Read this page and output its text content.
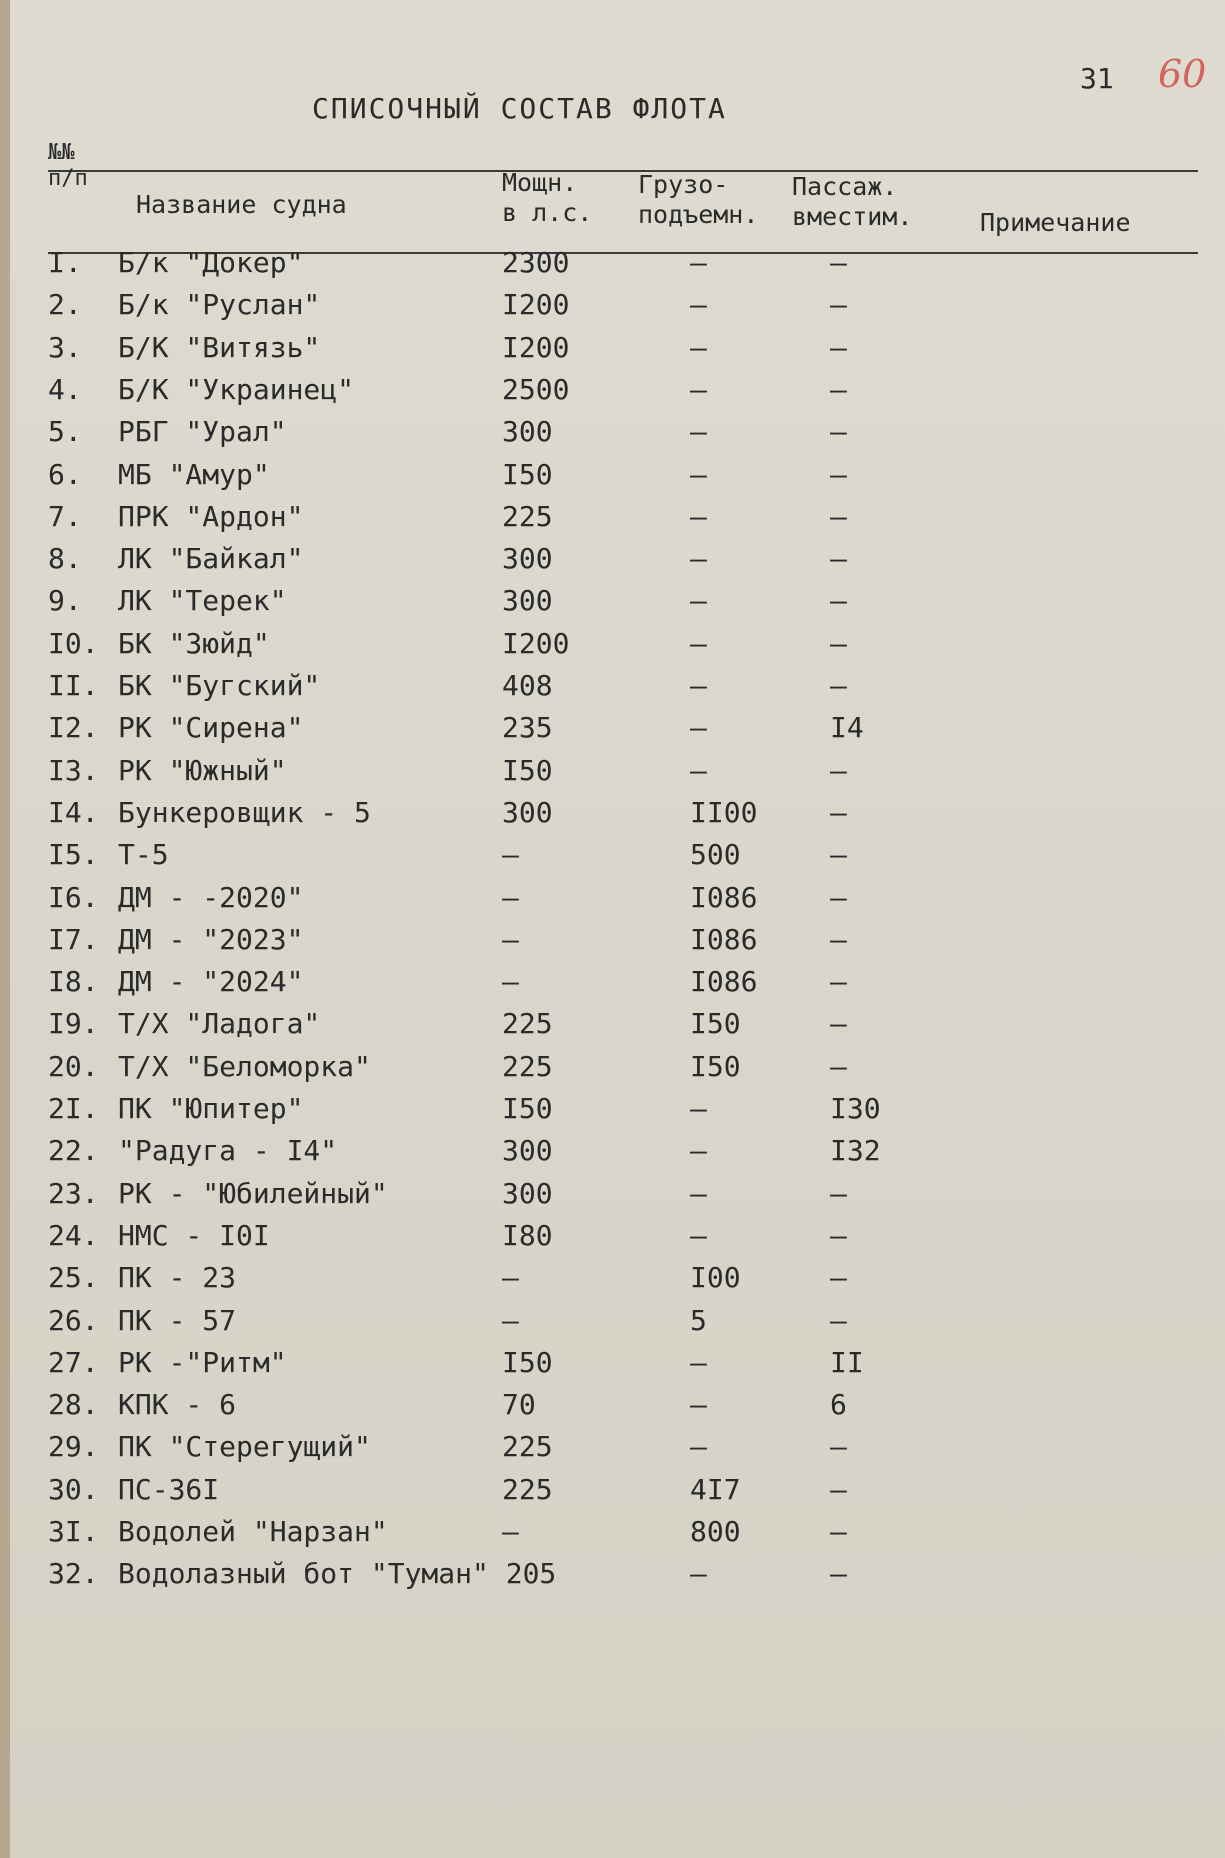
31 60
СПИСОЧНЫЙ СОСТАВ ФЛОТА
№№
п/п
Название судна
Мощн.
в л.с.
Грузо-
подъемн.
Пассаж.
вместим.	Примечание
I. Б/к "Докер"	2300	–	–
2. Б/к "Руслан"	I200	–	–
3. Б/К "Витязь"	I200	–	–
4. Б/К "Украинец"	2500	–	–
5. РБГ "Урал"	300	–	–
6. МБ "Амур"	I50	–	–
7. ПРК "Ардон"	225	–	–
8. ЛК "Байкал"	300	–	–
9. ЛК "Терек"	300	–	–
I0. БК "Зюйд"	I200	–	–
II. БК "Бугский"	408	–	–
I2. РК "Сирена"	235	–	I4
I3. РК "Южный"	I50	–	–
I4. Бункеровщик - 5	300	II00	–
I5. Т-5	–	500	–
I6. ДМ - -2020"	–	I086	–
I7. ДМ - "2023"	–	I086	–
I8. ДМ - "2024"	–	I086	–
I9. Т/Х "Ладога"	225	I50	–
20. Т/Х "Беломорка"	225	I50	–
2I. ПК "Юпитер"	I50	–	I30
22. "Радуга - I4"	300	–	I32
23. РК - "Юбилейный"	300	–	–
24. НМС - I0I	I80	–	–
25. ПК - 23	–	I00	–
26. ПК - 57	–	5	–
27. РК -"Ритм"	I50	–	II
28. КПК - 6	70	–	6
29. ПК "Стерегущий"	225	–	–
30. ПС-36I	225	4I7	–
3I. Водолей "Нарзан"	–	800	–
32. Водолазный бот "Туман" 205	–	–
